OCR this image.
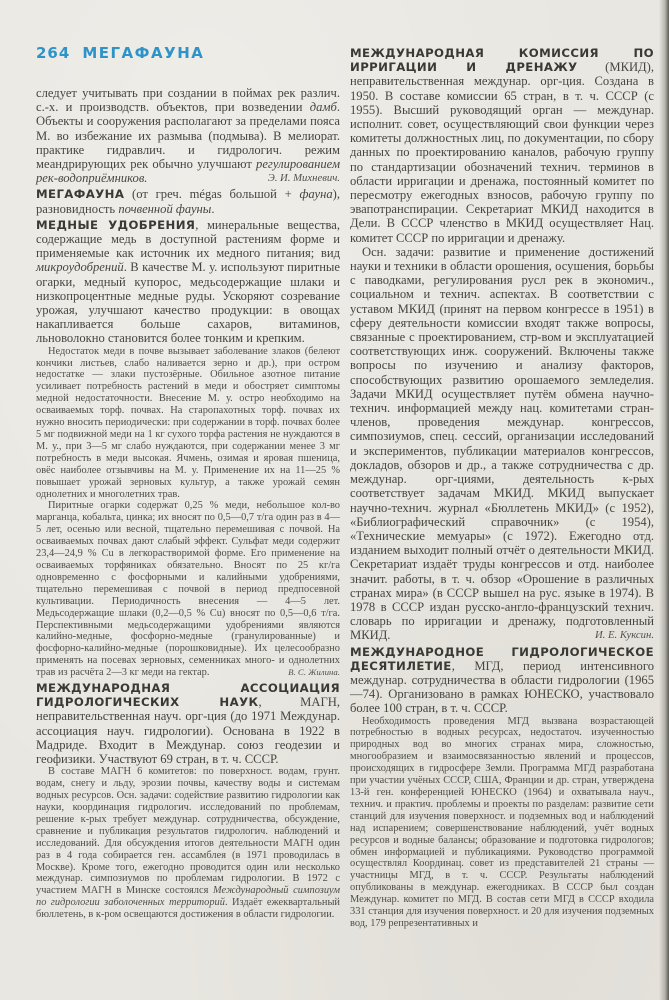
264 МЕГАФАУНА

следует учитывать при создании в поймах рек различ. с.-х. и производств. объектов, при возведении дамб. Объекты и сооружения располагают за пределами пояса М. во избежание их размыва (подмыва). В мелиорат. практике гидравлич. и гидрологич. режим меандрирующих рек обычно улучшают регулированием рек-водоприёмников.	Э. И. Михневич.

МЕГАФАУНА (от греч. mégas большой + фауна), разновидность почвенной фауны.

МЕДНЫЕ УДОБРЕНИЯ, минеральные вещества, содержащие медь в доступной растениям форме и применяемые как источник их медного питания; вид микроудобрений. В качестве М. у. используют пиритные огарки, медный купорос, медьсодержащие шлаки и низкопроцентные медные руды. Ускоряют созревание урожая, улучшают качество продукции: в овощах накапливается больше сахаров, витаминов, льноволокно становится более тонким и крепким.

Недостаток меди в почве вызывает заболевание злаков (белеют кончики листьев, слабо наливается зерно и др.), при остром недостатке — злаки пустозёрные. Обильное азотное питание усиливает потребность растений в меди и обостряет симптомы медной недостаточности. Внесение М. у. остро необходимо на осваиваемых торф. почвах. На старопахотных торф. почвах их нужно вносить периодически: при содержании в торф. почвах более 5 мг подвижной меди на 1 кг сухого торфа растения не нуждаются в М. у., при 3—5 мг слабо нуждаются, при содержании менее 3 мг потребность в меди высокая. Ячмень, озимая и яровая пшеница, овёс наиболее отзывчивы на М. у. Применение их на 11—25 % повышает урожай зерновых культур, а также урожай семян однолетних и многолетних трав.

Пиритные огарки содержат 0,25 % меди, небольшое кол-во марганца, кобальта, цинка; их вносят по 0,5—0,7 т/га один раз в 4—5 лет, осенью или весной, тщательно перемешивая с почвой. На осваиваемых почвах дают слабый эффект. Сульфат меди содержит 23,4—24,9 % Cu в легкорастворимой форме. Его применение на осваиваемых торфяниках обязательно. Вносят по 25 кг/га одновременно с фосфорными и калийными удобрениями, тщательно перемешивая с почвой в период предпосевной культивации. Периодичность внесения — 4—5 лет. Медьсодержащие шлаки (0,2—0,5 % Cu) вносят по 0,5—0,6 т/га. Перспективными медьсодержащими удобрениями являются калийно-медные, фосфорно-медные (гранулированные) и фосфорно-калийно-медные (порошковидные). Их целесообразно применять на посевах зерновых, семенниках много- и однолетних трав из расчёта 2—3 кг меди на гектар.	В. С. Жилина.

МЕЖДУНАРОДНАЯ АССОЦИАЦИЯ ГИДРОЛОГИЧЕСКИХ НАУК, МАГН, неправительственная науч. орг-ция (до 1971 Междунар. ассоциация науч. гидрологии). Основана в 1922 в Мадриде. Входит в Междунар. союз геодезии и геофизики. Участвуют 69 стран, в т. ч. СССР.

В составе МАГН 6 комитетов: по поверхност. водам, грунт. водам, снегу и льду, эрозии почвы, качеству воды и системам водных ресурсов. Осн. задачи: содействие развитию гидрологии как науки, координация гидрологич. исследований по проблемам, решение к-рых требует междунар. сотрудничества, обсуждение, сравнение и публикация результатов гидрологич. наблюдений и исследований. Для обсуждения итогов деятельности МАГН один раз в 4 года собирается ген. ассамблея (в 1971 проводилась в Москве). Кроме того, ежегодно проводится один или несколько междунар. симпозиумов по проблемам гидрологии. В 1972 с участием МАГН в Минске состоялся Международный симпозиум по гидрологии заболоченных территорий. Издаёт ежеквартальный бюллетень, в к-ром освещаются достижения в области гидрологии.

МЕЖДУНАРОДНАЯ КОМИССИЯ ПО ИРРИГАЦИИ И ДРЕНАЖУ (МКИД), неправительственная междунар. орг-ция. Создана в 1950. В составе комиссии 65 стран, в т. ч. СССР (с 1955). Высший руководящий орган — междунар. исполнит. совет, осуществляющий свои функции через комитеты должностных лиц, по документации, по сбору данных по проектированию каналов, рабочую группу по стандартизации обозначений технич. терминов в области ирригации и дренажа, постоянный комитет по пересмотру ежегодных взносов, рабочую группу по эвапотранспирации. Секретариат МКИД находится в Дели. В СССР членство в МКИД осуществляет Нац. комитет СССР по ирригации и дренажу.

Осн. задачи: развитие и применение достижений науки и техники в области орошения, осушения, борьбы с паводками, регулирования русл рек в экономич., социальном и технич. аспектах. В соответствии с уставом МКИД (принят на первом конгрессе в 1951) в сферу деятельности комиссии входят также вопросы, связанные с проектированием, стр-вом и эксплуатацией соответствующих инж. сооружений. Включены также вопросы по изучению и анализу факторов, способствующих развитию орошаемого земледелия. Задачи МКИД осуществляет путём обмена научно-технич. информацией между нац. комитетами стран-членов, проведения междунар. конгрессов, симпозиумов, спец. сессий, организации исследований и экспериментов, публикации материалов конгрессов, докладов, обзоров и др., а также сотрудничества с др. междунар. орг-циями, деятельность к-рых соответствует задачам МКИД. МКИД выпускает научно-технич. журнал «Бюллетень МКИД» (с 1952), «Библиографический справочник» (с 1954), «Технические мемуары» (с 1972). Ежегодно отд. изданием выходит полный отчёт о деятельности МКИД. Секретариат издаёт труды конгрессов и отд. наиболее значит. работы, в т. ч. обзор «Орошение в различных странах мира» (в СССР вышел на рус. языке в 1974). В 1978 в СССР издан русско-англо-французский технич. словарь по ирригации и дренажу, подготовленный МКИД.	И. Е. Куксин.

МЕЖДУНАРОДНОЕ ГИДРОЛОГИЧЕСКОЕ ДЕСЯТИЛЕТИЕ, МГД, период интенсивного междунар. сотрудничества в области гидрологии (1965—74). Организовано в рамках ЮНЕСКО, участвовало более 100 стран, в т. ч. СССР.

Необходимость проведения МГД вызвана возрастающей потребностью в водных ресурсах, недостаточ. изученностью природных вод во многих странах мира, сложностью, многообразием и взаимосвязанностью явлений и процессов, происходящих в гидросфере Земли. Программа МГД разработана при участии учёных СССР, США, Франции и др. стран, утверждена 13-й ген. конференцией ЮНЕСКО (1964) и охватывала науч., технич. и практич. проблемы и проекты по разделам: развитие сети станций для изучения поверхност. и подземных вод и наблюдений над испарением; совершенствование наблюдений, учёт водных ресурсов и водные балансы; образование и подготовка гидрологов; обмен информацией и публикациями. Руководство программой осуществлял Координац. совет из представителей 21 страны — участницы МГД, в т. ч. СССР. Результаты наблюдений опубликованы в междунар. ежегодниках. В СССР был создан Междунар. комитет по МГД. В состав сети МГД в СССР входила 331 станция для изучения поверхност. и 20 для изучения подземных вод, 179 репрезентативных и
